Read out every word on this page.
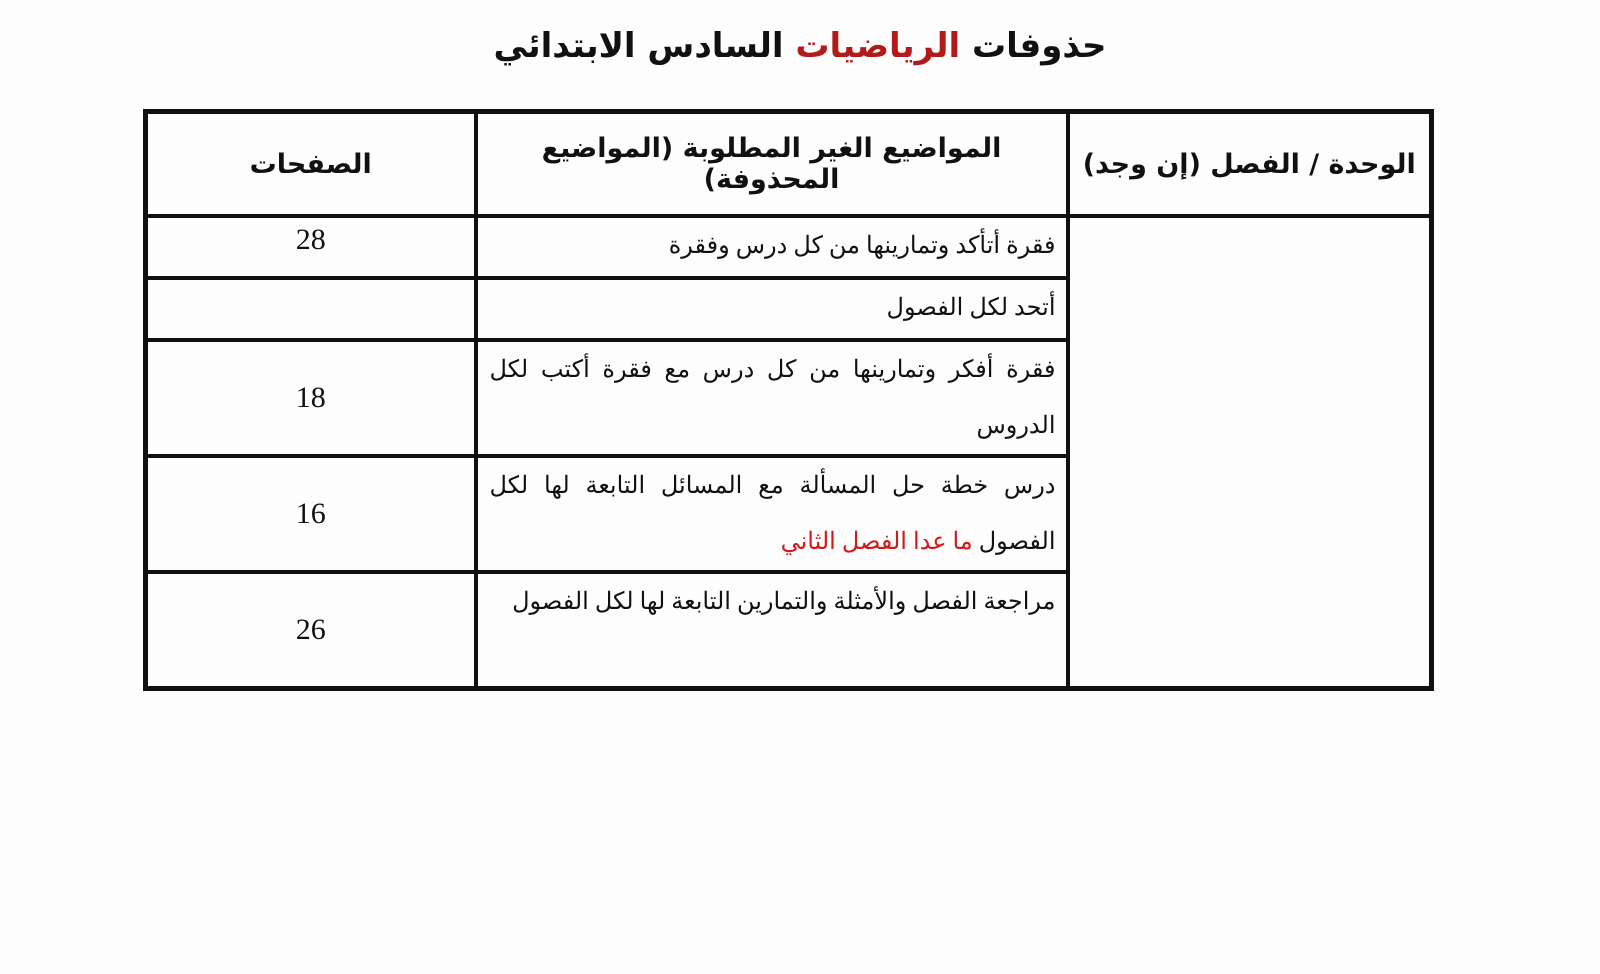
حذوفات الرياضيات السادس الابتدائي
الوحدة / الفصل (إن وجد)	المواضيع الغير المطلوبة (المواضيع المحذوفة)	الصفحات
	فقرة أتأكد وتمارينها من كل درس وفقرة	28
	أتحد لكل الفصول	
	فقرة أفكر وتمارينها من كل درس مع فقرة أكتب لكل الدروس	18
	درس خطة حل المسألة مع المسائل التابعة لها لكل الفصول ما عدا الفصل الثاني	16
	مراجعة الفصل والأمثلة والتمارين التابعة لها لكل الفصول	26
